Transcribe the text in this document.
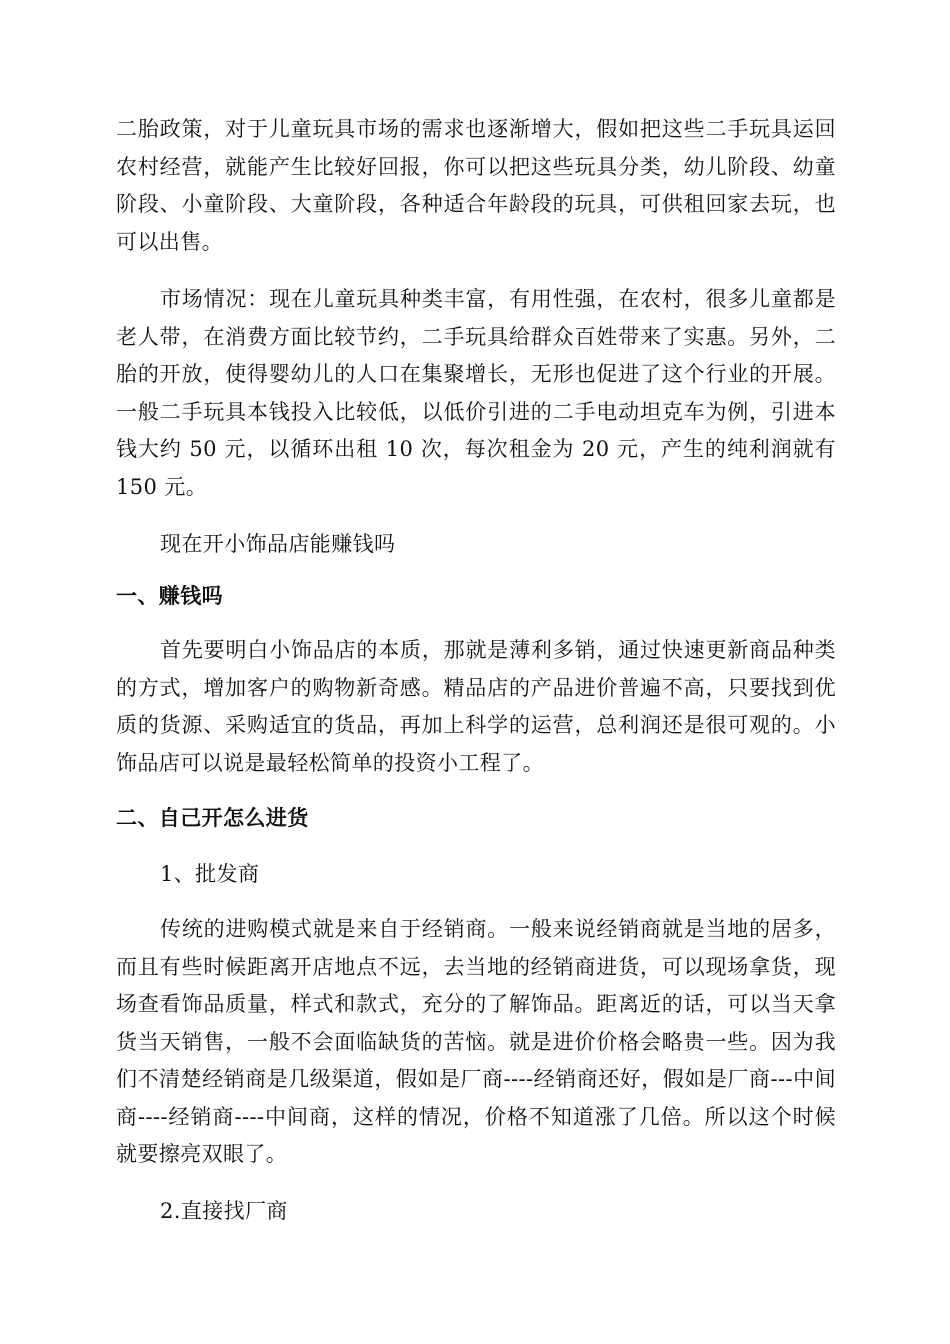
二胎政策，对于儿童玩具市场的需求也逐渐增大，假如把这些二手玩具运回农村经营，就能产生比较好回报，你可以把这些玩具分类，幼儿阶段、幼童阶段、小童阶段、大童阶段，各种适合年龄段的玩具，可供租回家去玩，也可以出售。

市场情况：现在儿童玩具种类丰富，有用性强，在农村，很多儿童都是老人带，在消费方面比较节约，二手玩具给群众百姓带来了实惠。另外，二胎的开放，使得婴幼儿的人口在集聚增长，无形也促进了这个行业的开展。一般二手玩具本钱投入比较低，以低价引进的二手电动坦克车为例，引进本钱大约 50 元，以循环出租 10 次，每次租金为 20 元，产生的纯利润就有 150 元。

现在开小饰品店能赚钱吗

一、赚钱吗

首先要明白小饰品店的本质，那就是薄利多销，通过快速更新商品种类的方式，增加客户的购物新奇感。精品店的产品进价普遍不高，只要找到优质的货源、采购适宜的货品，再加上科学的运营，总利润还是很可观的。小饰品店可以说是最轻松简单的投资小工程了。

二、自己开怎么进货

1、批发商

传统的进购模式就是来自于经销商。一般来说经销商就是当地的居多，而且有些时候距离开店地点不远，去当地的经销商进货，可以现场拿货，现场查看饰品质量，样式和款式，充分的了解饰品。距离近的话，可以当天拿货当天销售，一般不会面临缺货的苦恼。就是进价价格会略贵一些。因为我们不清楚经销商是几级渠道，假如是厂商----经销商还好，假如是厂商---中间商----经销商----中间商，这样的情况，价格不知道涨了几倍。所以这个时候就要擦亮双眼了。

2.直接找厂商
